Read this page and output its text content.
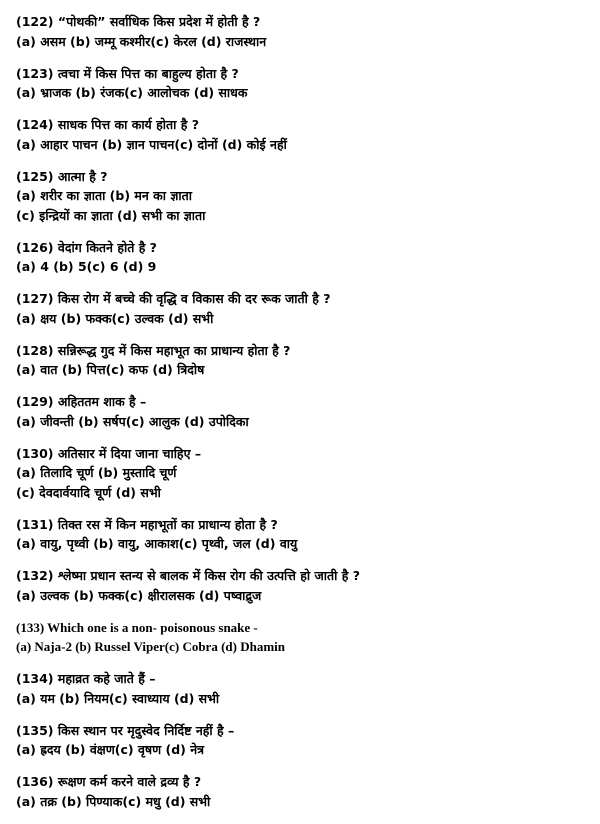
(122) “पोथकी” सर्वाधिक किस प्रदेश में होती है ?
(a) असम (b) जम्मू कश्मीर(c) केरल (d) राजस्थान
(123) त्वचा में किस पित्त का बाहुल्य होता है ?
(a) भ्राजक (b) रंजक(c) आलोचक (d) साधक
(124) साधक पित्त का कार्य होता है ?
(a) आहार पाचन (b) ज्ञान पाचन(c) दोनों (d) कोई नहीं
(125) आत्मा है ?
(a) शरीर का ज्ञाता (b) मन का ज्ञाता
(c) इन्द्रियों का ज्ञाता (d) सभी का ज्ञाता
(126) वेदांग कितने होते है ?
(a) 4 (b) 5(c) 6 (d) 9
(127) किस रोग में बच्चे की वृद्धि व विकास की दर रूक जाती है ?
(a) क्षय (b) फक्क(c) उल्वक (d) सभी
(128) सन्निरूद्ध गुद में किस महाभूत का प्राधान्य होता है ?
(a) वात (b) पित्त(c) कफ (d) त्रिदोष
(129) अहिततम शाक है –
(a) जीवन्ती (b) सर्षप(c) आलुक (d) उपोदिका
(130) अतिसार में दिया जाना चाहिए –
(a) तिलादि चूर्ण (b) मुस्तादि चूर्ण
(c) देवदार्वयादि चूर्ण (d) सभी
(131) तिक्त रस में किन महाभूतों का प्राधान्य होता है ?
(a) वायु, पृथ्वी (b) वायु, आकाश(c) पृथ्वी, जल (d) वायु
(132) श्लेष्मा प्रधान स्तन्य से बालक में किस रोग की उत्पत्ति हो जाती है ?
(a) उल्वक (b) फक्क(c) क्षीरालसक (d) पष्वाद्रुज
(133) Which one is a non- poisonous snake -
(a) Naja-2 (b) Russel Viper(c) Cobra (d) Dhamin
(134) महाव्रत कहे जाते हैं –
(a) यम (b) नियम(c) स्वाध्याय (d) सभी
(135) किस स्थान पर मृदुस्वेद निर्दिष्ट नहीं है –
(a) ह्रदय (b) वंक्षण(c) वृषण (d) नेत्र
(136) रूक्षण कर्म करने वाले द्रव्य है ?
(a) तक्र (b) पिण्याक(c) मधु (d) सभी
